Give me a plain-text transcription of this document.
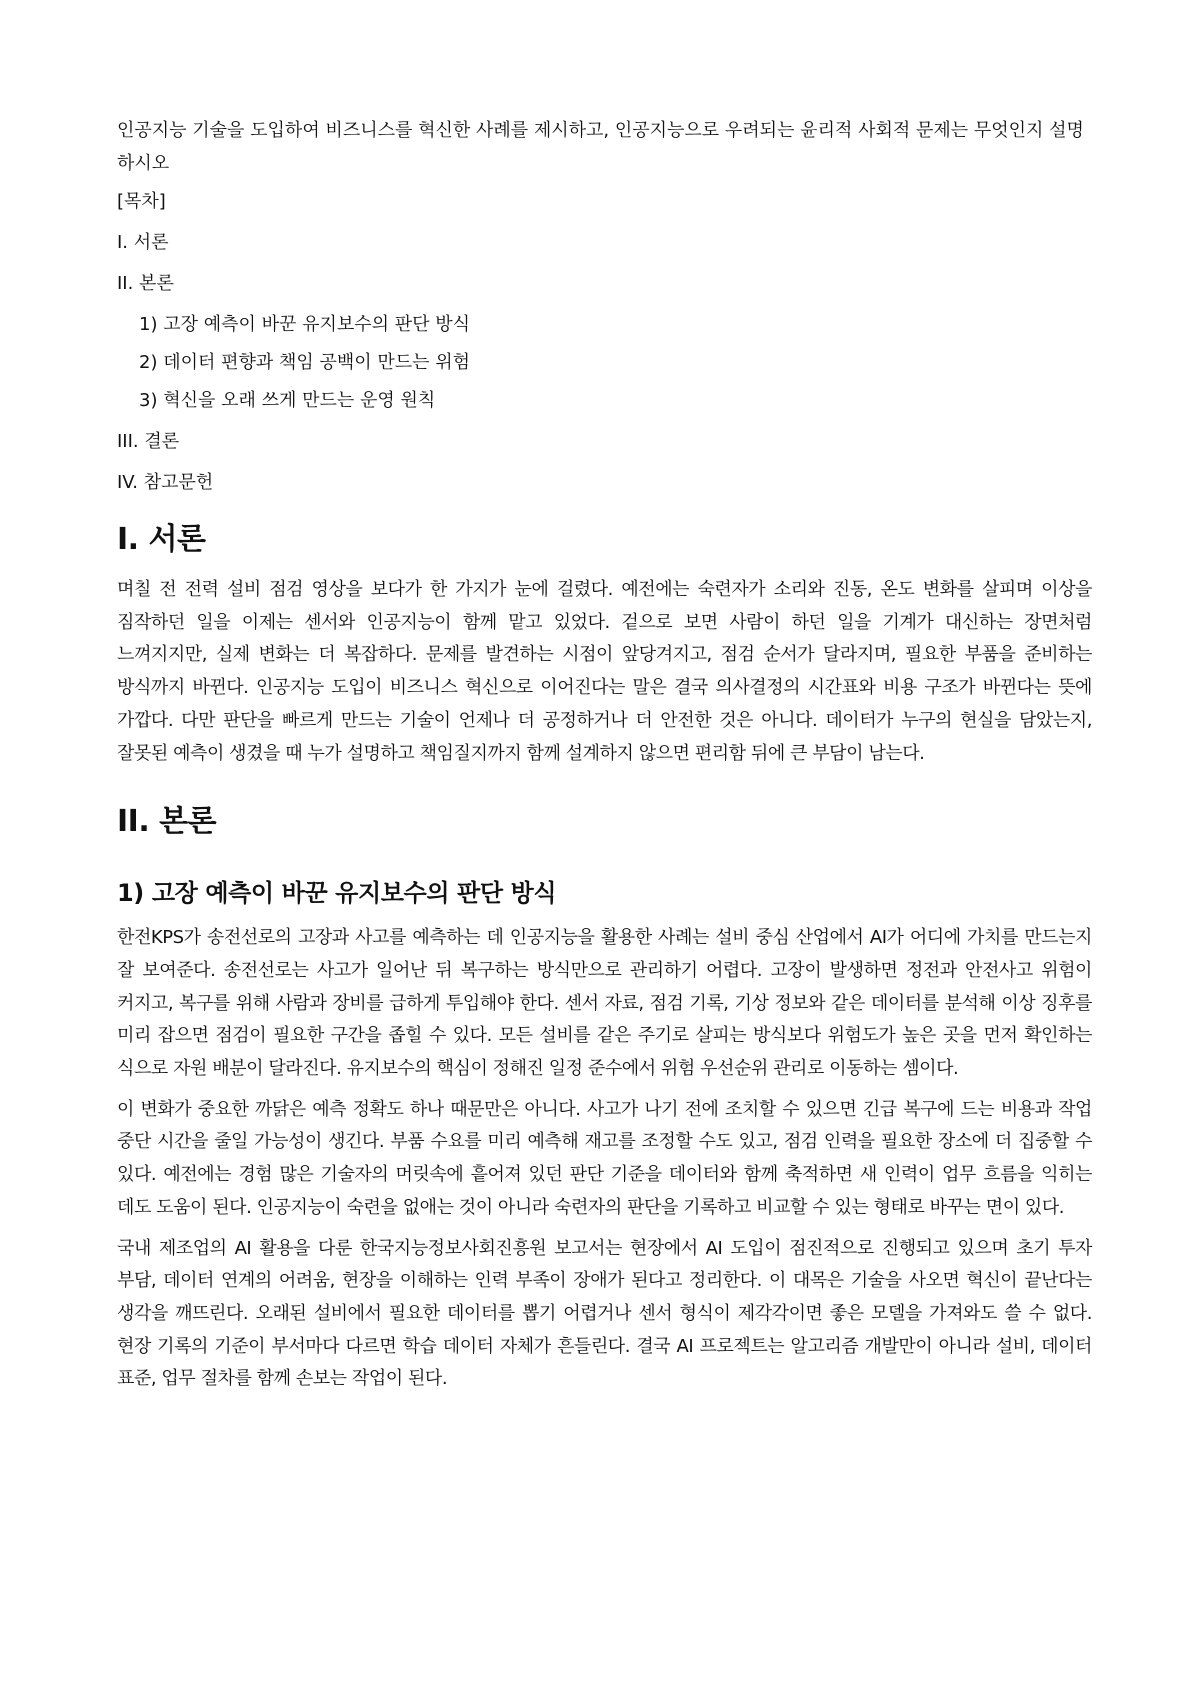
인공지능 기술을 도입하여 비즈니스를 혁신한 사례를 제시하고, 인공지능으로 우려되는 윤리적 사회적 문제는 무엇인지 설명하시오

[목차]
I. 서론
II. 본론
1) 고장 예측이 바꾼 유지보수의 판단 방식
2) 데이터 편향과 책임 공백이 만드는 위험
3) 혁신을 오래 쓰게 만드는 운영 원칙
III. 결론
IV. 참고문헌
I. 서론

며칠 전 전력 설비 점검 영상을 보다가 한 가지가 눈에 걸렸다. 예전에는 숙련자가 소리와 진동, 온도 변화를 살피며 이상을 짐작하던 일을 이제는 센서와 인공지능이 함께 맡고 있었다. 겉으로 보면 사람이 하던 일을 기계가 대신하는 장면처럼 느껴지지만, 실제 변화는 더 복잡하다. 문제를 발견하는 시점이 앞당겨지고, 점검 순서가 달라지며, 필요한 부품을 준비하는 방식까지 바뀐다. 인공지능 도입이 비즈니스 혁신으로 이어진다는 말은 결국 의사결정의 시간표와 비용 구조가 바뀐다는 뜻에 가깝다. 다만 판단을 빠르게 만드는 기술이 언제나 더 공정하거나 더 안전한 것은 아니다. 데이터가 누구의 현실을 담았는지, 잘못된 예측이 생겼을 때 누가 설명하고 책임질지까지 함께 설계하지 않으면 편리함 뒤에 큰 부담이 남는다.

II. 본론
1) 고장 예측이 바꾼 유지보수의 판단 방식

한전KPS가 송전선로의 고장과 사고를 예측하는 데 인공지능을 활용한 사례는 설비 중심 산업에서 AI가 어디에 가치를 만드는지 잘 보여준다. 송전선로는 사고가 일어난 뒤 복구하는 방식만으로 관리하기 어렵다. 고장이 발생하면 정전과 안전사고 위험이 커지고, 복구를 위해 사람과 장비를 급하게 투입해야 한다. 센서 자료, 점검 기록, 기상 정보와 같은 데이터를 분석해 이상 징후를 미리 잡으면 점검이 필요한 구간을 좁힐 수 있다. 모든 설비를 같은 주기로 살피는 방식보다 위험도가 높은 곳을 먼저 확인하는 식으로 자원 배분이 달라진다. 유지보수의 핵심이 정해진 일정 준수에서 위험 우선순위 관리로 이동하는 셈이다.

이 변화가 중요한 까닭은 예측 정확도 하나 때문만은 아니다. 사고가 나기 전에 조치할 수 있으면 긴급 복구에 드는 비용과 작업 중단 시간을 줄일 가능성이 생긴다. 부품 수요를 미리 예측해 재고를 조정할 수도 있고, 점검 인력을 필요한 장소에 더 집중할 수 있다. 예전에는 경험 많은 기술자의 머릿속에 흩어져 있던 판단 기준을 데이터와 함께 축적하면 새 인력이 업무 흐름을 익히는 데도 도움이 된다. 인공지능이 숙련을 없애는 것이 아니라 숙련자의 판단을 기록하고 비교할 수 있는 형태로 바꾸는 면이 있다.

국내 제조업의 AI 활용을 다룬 한국지능정보사회진흥원 보고서는 현장에서 AI 도입이 점진적으로 진행되고 있으며 초기 투자 부담, 데이터 연계의 어려움, 현장을 이해하는 인력 부족이 장애가 된다고 정리한다. 이 대목은 기술을 사오면 혁신이 끝난다는 생각을 깨뜨린다. 오래된 설비에서 필요한 데이터를 뽑기 어렵거나 센서 형식이 제각각이면 좋은 모델을 가져와도 쓸 수 없다. 현장 기록의 기준이 부서마다 다르면 학습 데이터 자체가 흔들린다. 결국 AI 프로젝트는 알고리즘 개발만이 아니라 설비, 데이터 표준, 업무 절차를 함께 손보는 작업이 된다.
